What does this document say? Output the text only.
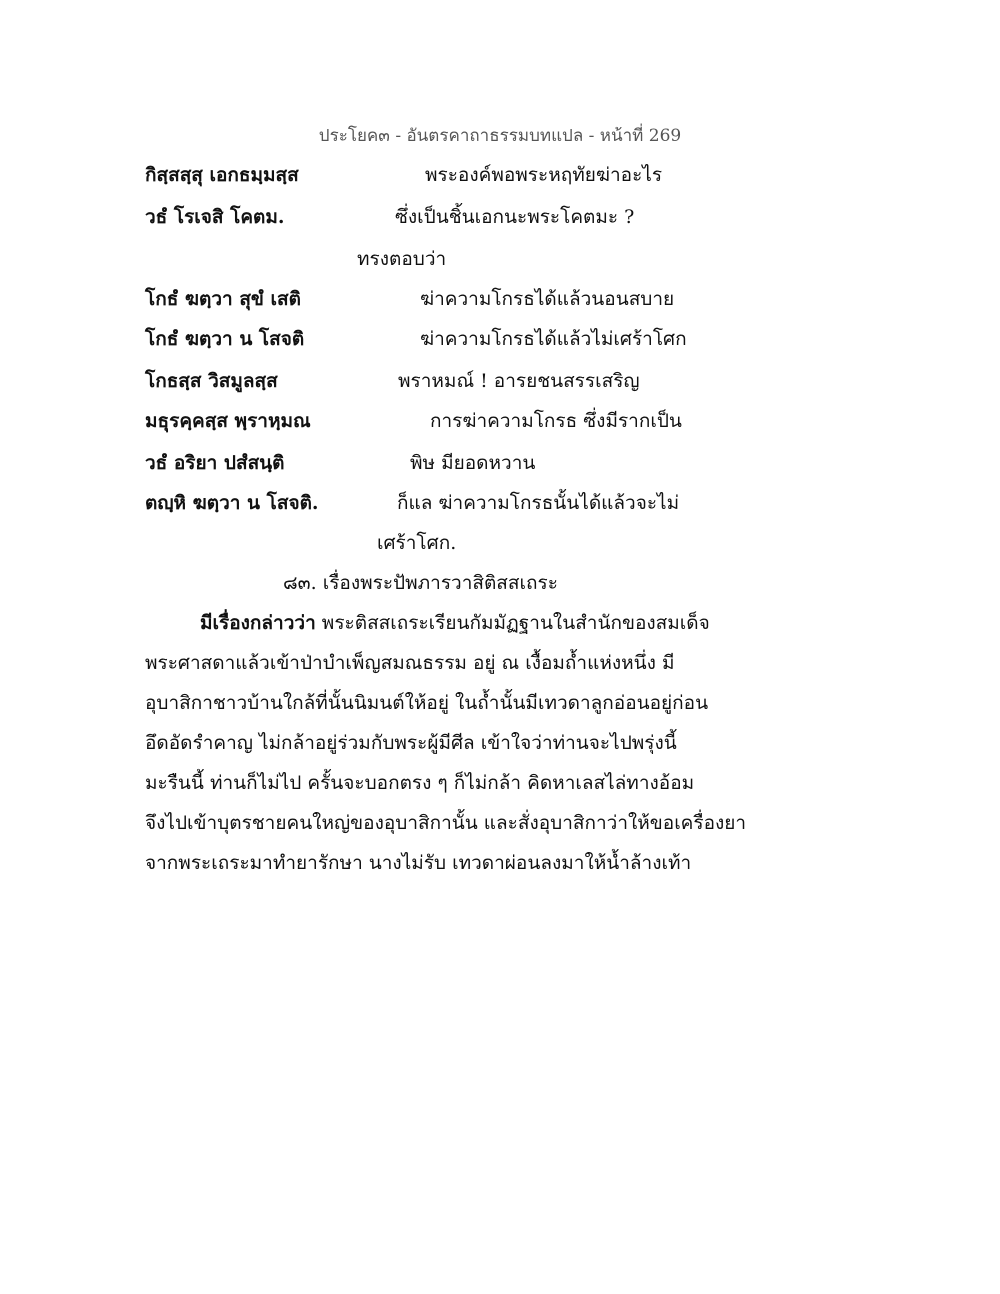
ประโยค๓ - อันตรคาถาธรรมบทแปล - หน้าที่ 269
กิสฺสสฺสุ เอกธมฺมสฺส	พระองค์พอพระหฤทัยฆ่าอะไร
วธํ โรเจสิ โคตม.	ซึ่งเป็นชิ้นเอกนะพระโคตมะ ?
ทรงตอบว่า
โกธํ ฆตฺวา สุขํ เสติ	ฆ่าความโกรธได้แล้วนอนสบาย
โกธํ ฆตฺวา น โสจติ	ฆ่าความโกรธได้แล้วไม่เศร้าโศก
โกธสฺส วิสมูลสฺส	พราหมณ์ ! อารยชนสรรเสริญ
มธุรคฺคสฺส พฺราหฺมณ	การฆ่าความโกรธ ซึ่งมีรากเป็น
วธํ อริยา ปสํสนฺติ	พิษ มียอดหวาน
ตญฺหิ ฆตฺวา น โสจติ.	ก็แล ฆ่าความโกรธนั้นได้แล้วจะไม่
เศร้าโศก.
๘๓. เรื่องพระปัพภารวาสิติสสเถระ
มีเรื่องกล่าวว่า พระติสสเถระเรียนกัมมัฏฐานในสำนักของสมเด็จ
พระศาสดาแล้วเข้าป่าบำเพ็ญสมณธรรม อยู่ ณ เงื้อมถ้ำแห่งหนึ่ง มี
อุบาสิกาชาวบ้านใกล้ที่นั้นนิมนต์ให้อยู่ ในถ้ำนั้นมีเทวดาลูกอ่อนอยู่ก่อน
อึดอัดรำคาญ ไม่กล้าอยู่ร่วมกับพระผู้มีศีล เข้าใจว่าท่านจะไปพรุ่งนี้
มะรืนนี้ ท่านก็ไม่ไป ครั้นจะบอกตรง ๆ ก็ไม่กล้า คิดหาเลสไล่ทางอ้อม
จึงไปเข้าบุตรชายคนใหญ่ของอุบาสิกานั้น และสั่งอุบาสิกาว่าให้ขอเครื่องยา
จากพระเถระมาทำยารักษา นางไม่รับ เทวดาผ่อนลงมาให้น้ำล้างเท้า
